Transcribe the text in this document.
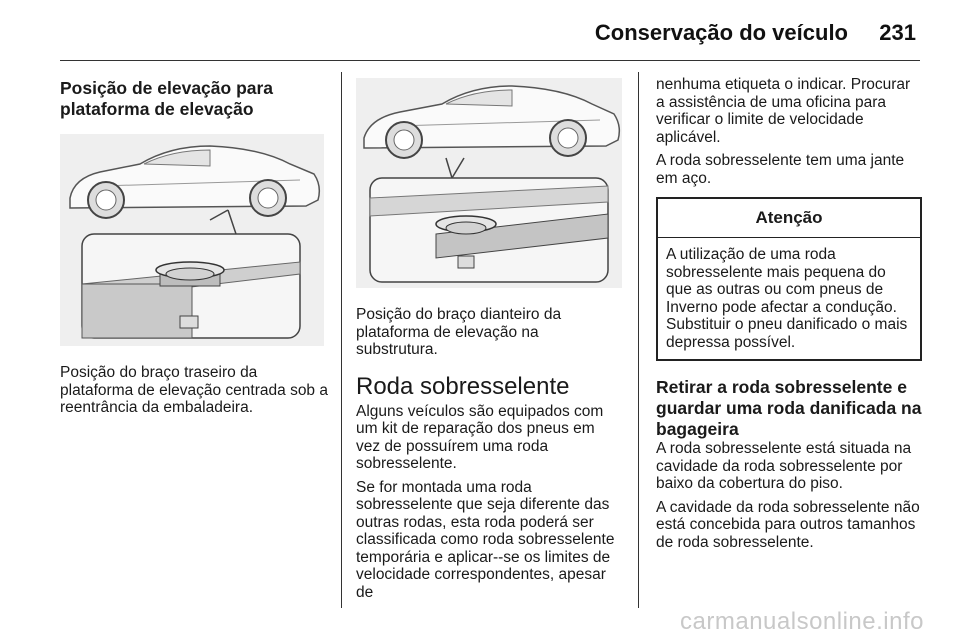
Conservação do veículo 231
Posição de elevação para plataforma de elevação

Posição do braço traseiro da plataforma de elevação centrada sob a reentrância da embaladeira.

Posição do braço dianteiro da plataforma de elevação na substrutura.

Roda sobresselente

Alguns veículos são equipados com um kit de reparação dos pneus em vez de possuírem uma roda sobresselente.

Se for montada uma roda sobresselente que seja diferente das outras rodas, esta roda poderá ser classificada como roda sobresselente temporária e aplicar--se os limites de velocidade correspondentes, apesar de

nenhuma etiqueta o indicar. Procurar a assistência de uma oficina para verificar o limite de velocidade aplicável.

A roda sobresselente tem uma jante em aço.

Atenção
A utilização de uma roda sobresselente mais pequena do que as outras ou com pneus de Inverno pode afectar a condução. Substituir o pneu danificado o mais depressa possível.
Retirar a roda sobresselente e guardar uma roda danificada na bagageira

A roda sobresselente está situada na cavidade da roda sobresselente por baixo da cobertura do piso.

A cavidade da roda sobresselente não está concebida para outros tamanhos de roda sobresselente.

carmanualsonline.info
